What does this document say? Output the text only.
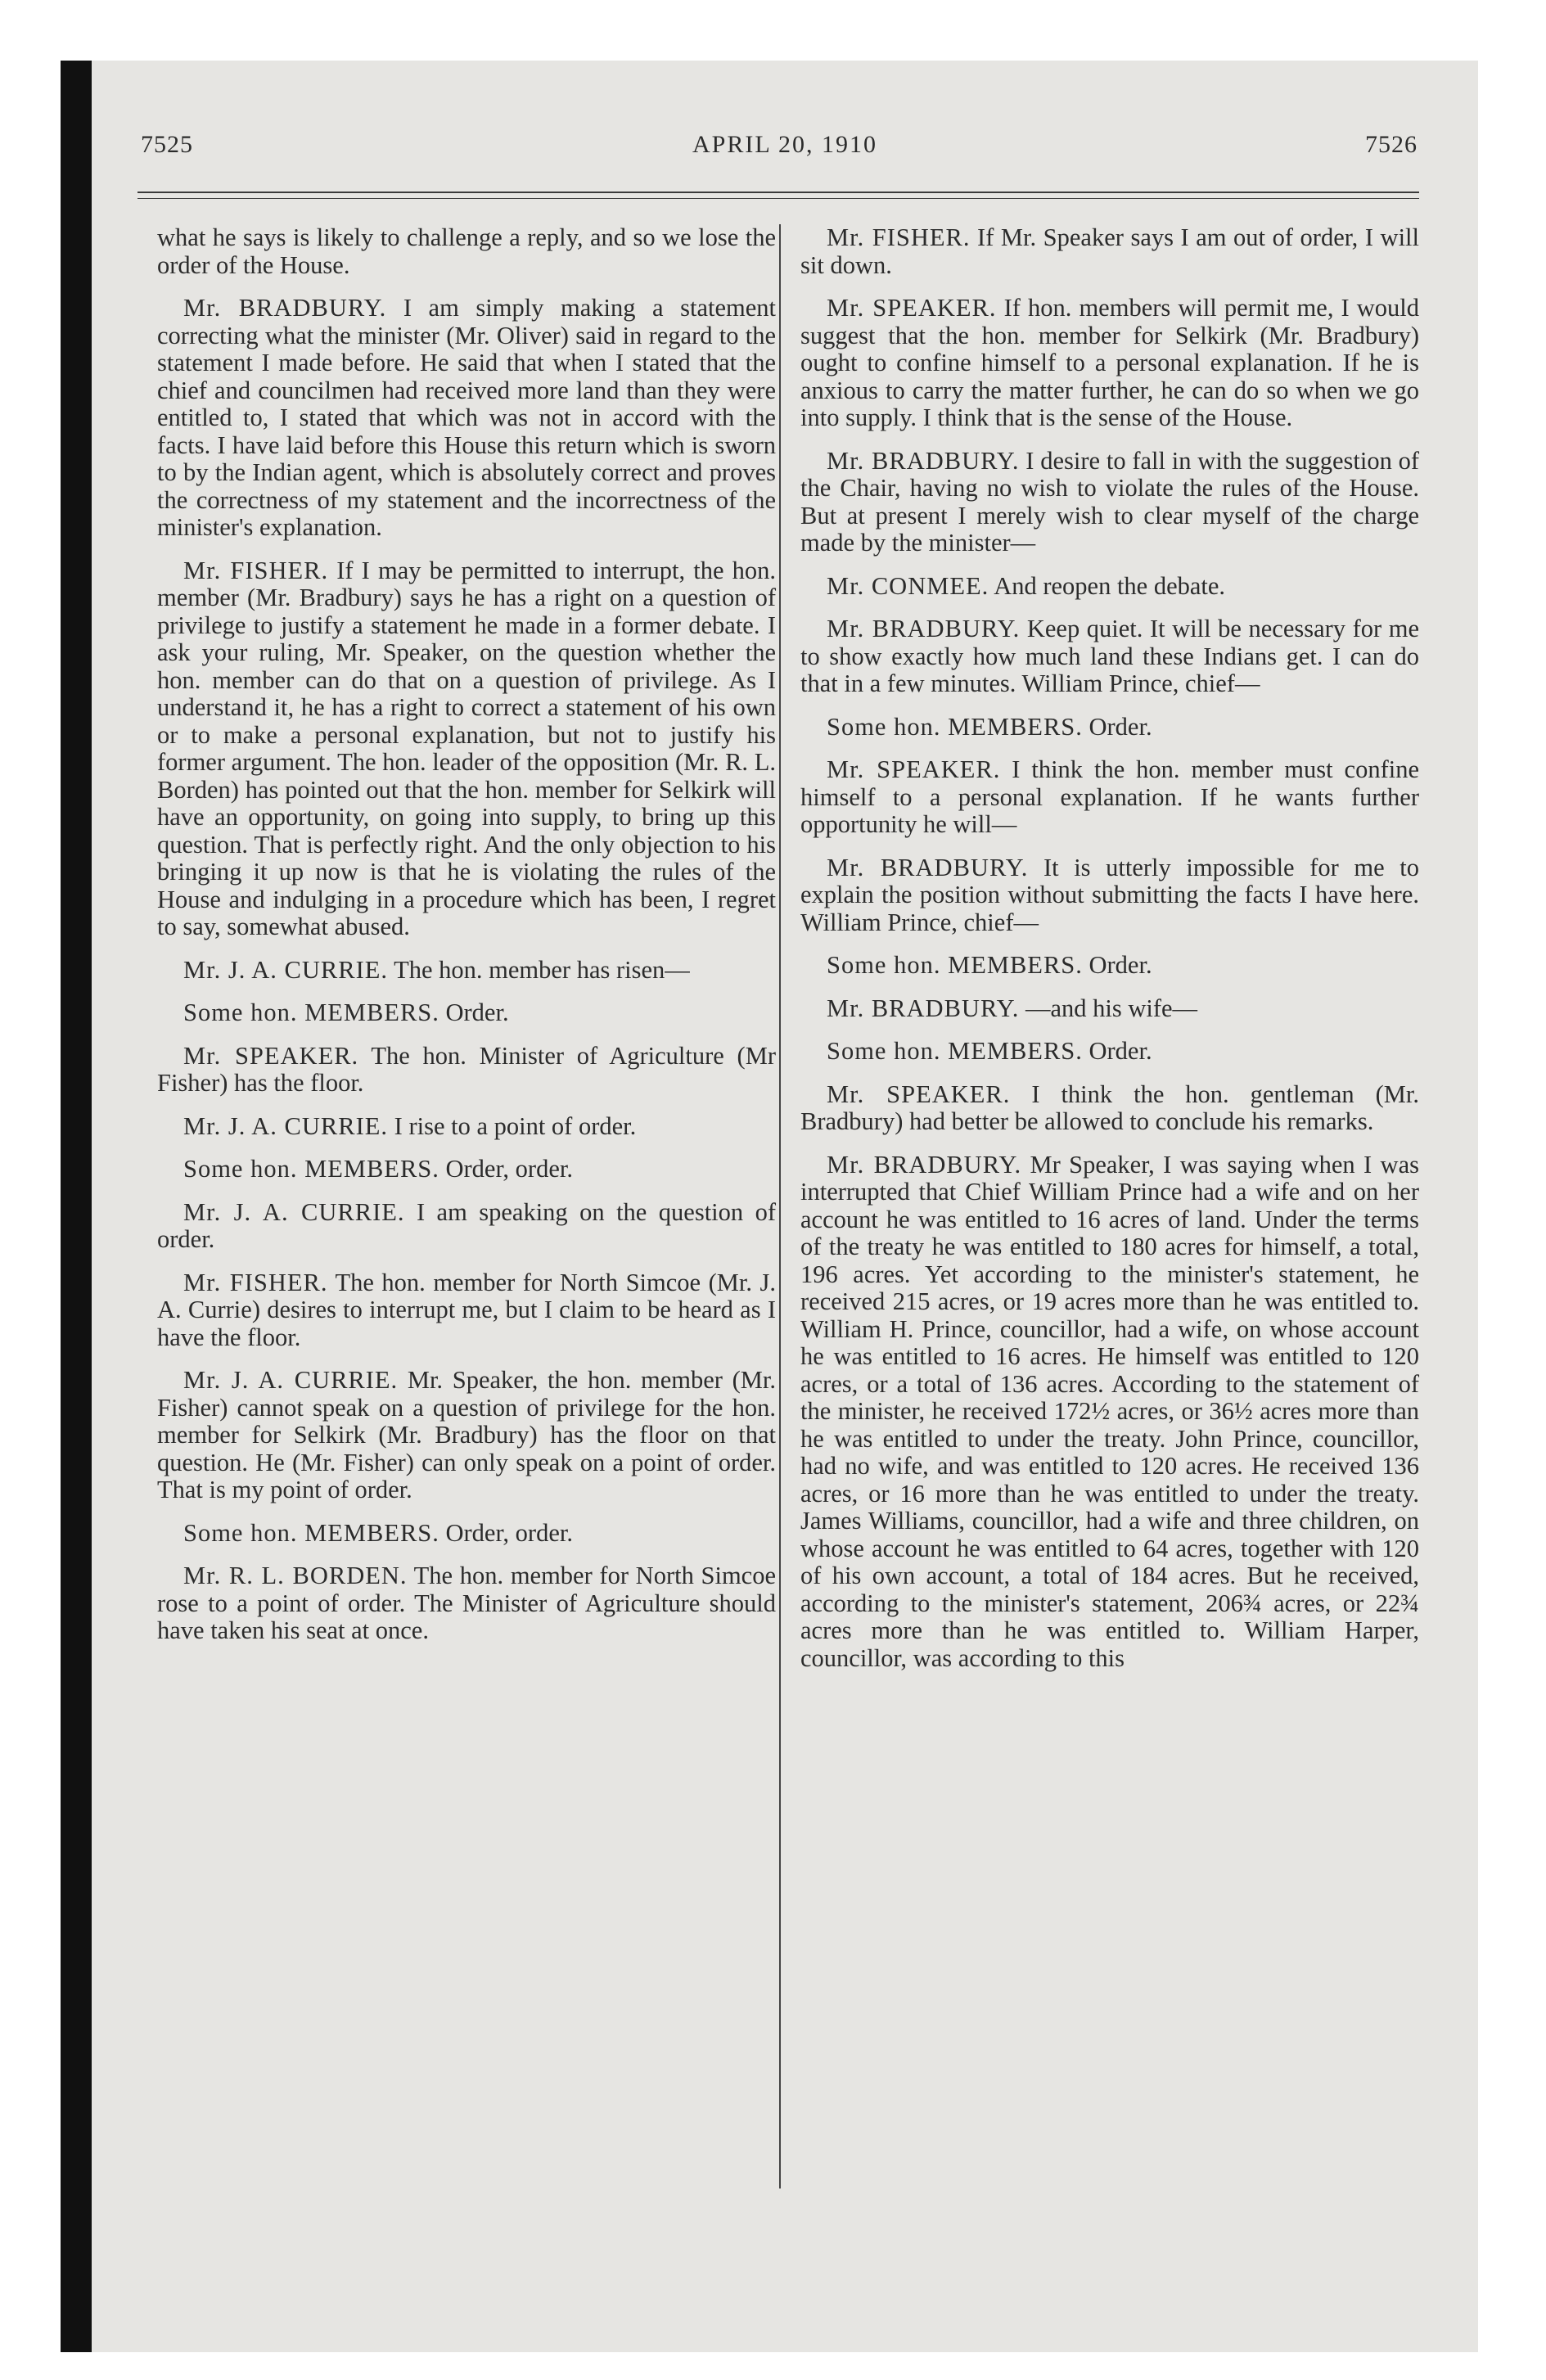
7525	APRIL 20, 1910	7526

what he says is likely to challenge a reply, and so we lose the order of the House.

Mr. BRADBURY. I am simply making a statement correcting what the minister (Mr. Oliver) said in regard to the statement I made before. He said that when I stated that the chief and councilmen had received more land than they were entitled to, I stated that which was not in accord with the facts. I have laid before this House this return which is sworn to by the Indian agent, which is absolutely correct and proves the correctness of my statement and the incorrectness of the minister's explanation.

Mr. FISHER. If I may be permitted to interrupt, the hon. member (Mr. Bradbury) says he has a right on a question of privilege to justify a statement he made in a former debate. I ask your ruling, Mr. Speaker, on the question whether the hon. member can do that on a question of privilege. As I understand it, he has a right to correct a statement of his own or to make a personal explanation, but not to justify his former argument. The hon. leader of the opposition (Mr. R. L. Borden) has pointed out that the hon. member for Selkirk will have an opportunity, on going into supply, to bring up this question. That is perfectly right. And the only objection to his bringing it up now is that he is violating the rules of the House and indulging in a procedure which has been, I regret to say, somewhat abused.

Mr. J. A. CURRIE. The hon. member has risen—

Some hon. MEMBERS. Order.

Mr. SPEAKER. The hon. Minister of Agriculture (Mr Fisher) has the floor.

Mr. J. A. CURRIE. I rise to a point of order.

Some hon. MEMBERS. Order, order.

Mr. J. A. CURRIE. I am speaking on the question of order.

Mr. FISHER. The hon. member for North Simcoe (Mr. J. A. Currie) desires to interrupt me, but I claim to be heard as I have the floor.

Mr. J. A. CURRIE. Mr. Speaker, the hon. member (Mr. Fisher) cannot speak on a question of privilege for the hon. member for Selkirk (Mr. Bradbury) has the floor on that question. He (Mr. Fisher) can only speak on a point of order. That is my point of order.

Some hon. MEMBERS. Order, order.

Mr. R. L. BORDEN. The hon. member for North Simcoe rose to a point of order. The Minister of Agriculture should have taken his seat at once.

Mr. FISHER. If Mr. Speaker says I am out of order, I will sit down.

Mr. SPEAKER. If hon. members will permit me, I would suggest that the hon. member for Selkirk (Mr. Bradbury) ought to confine himself to a personal explanation. If he is anxious to carry the matter further, he can do so when we go into supply. I think that is the sense of the House.

Mr. BRADBURY. I desire to fall in with the suggestion of the Chair, having no wish to violate the rules of the House. But at present I merely wish to clear myself of the charge made by the minister—

Mr. CONMEE. And reopen the debate.

Mr. BRADBURY. Keep quiet. It will be necessary for me to show exactly how much land these Indians get. I can do that in a few minutes. William Prince, chief—

Some hon. MEMBERS. Order.

Mr. SPEAKER. I think the hon. member must confine himself to a personal explanation. If he wants further opportunity he will—

Mr. BRADBURY. It is utterly impossible for me to explain the position without submitting the facts I have here. William Prince, chief—

Some hon. MEMBERS. Order.

Mr. BRADBURY. —and his wife—

Some hon. MEMBERS. Order.

Mr. SPEAKER. I think the hon. gentleman (Mr. Bradbury) had better be allowed to conclude his remarks.

Mr. BRADBURY. Mr Speaker, I was saying when I was interrupted that Chief William Prince had a wife and on her account he was entitled to 16 acres of land. Under the terms of the treaty he was entitled to 180 acres for himself, a total, 196 acres. Yet according to the minister's statement, he received 215 acres, or 19 acres more than he was entitled to. William H. Prince, councillor, had a wife, on whose account he was entitled to 16 acres. He himself was entitled to 120 acres, or a total of 136 acres. According to the statement of the minister, he received 172½ acres, or 36½ acres more than he was entitled to under the treaty. John Prince, councillor, had no wife, and was entitled to 120 acres. He received 136 acres, or 16 more than he was entitled to under the treaty. James Williams, councillor, had a wife and three children, on whose account he was entitled to 64 acres, together with 120 of his own account, a total of 184 acres. But he received, according to the minister's statement, 206¾ acres, or 22¾ acres more than he was entitled to. William Harper, councillor, was according to this
